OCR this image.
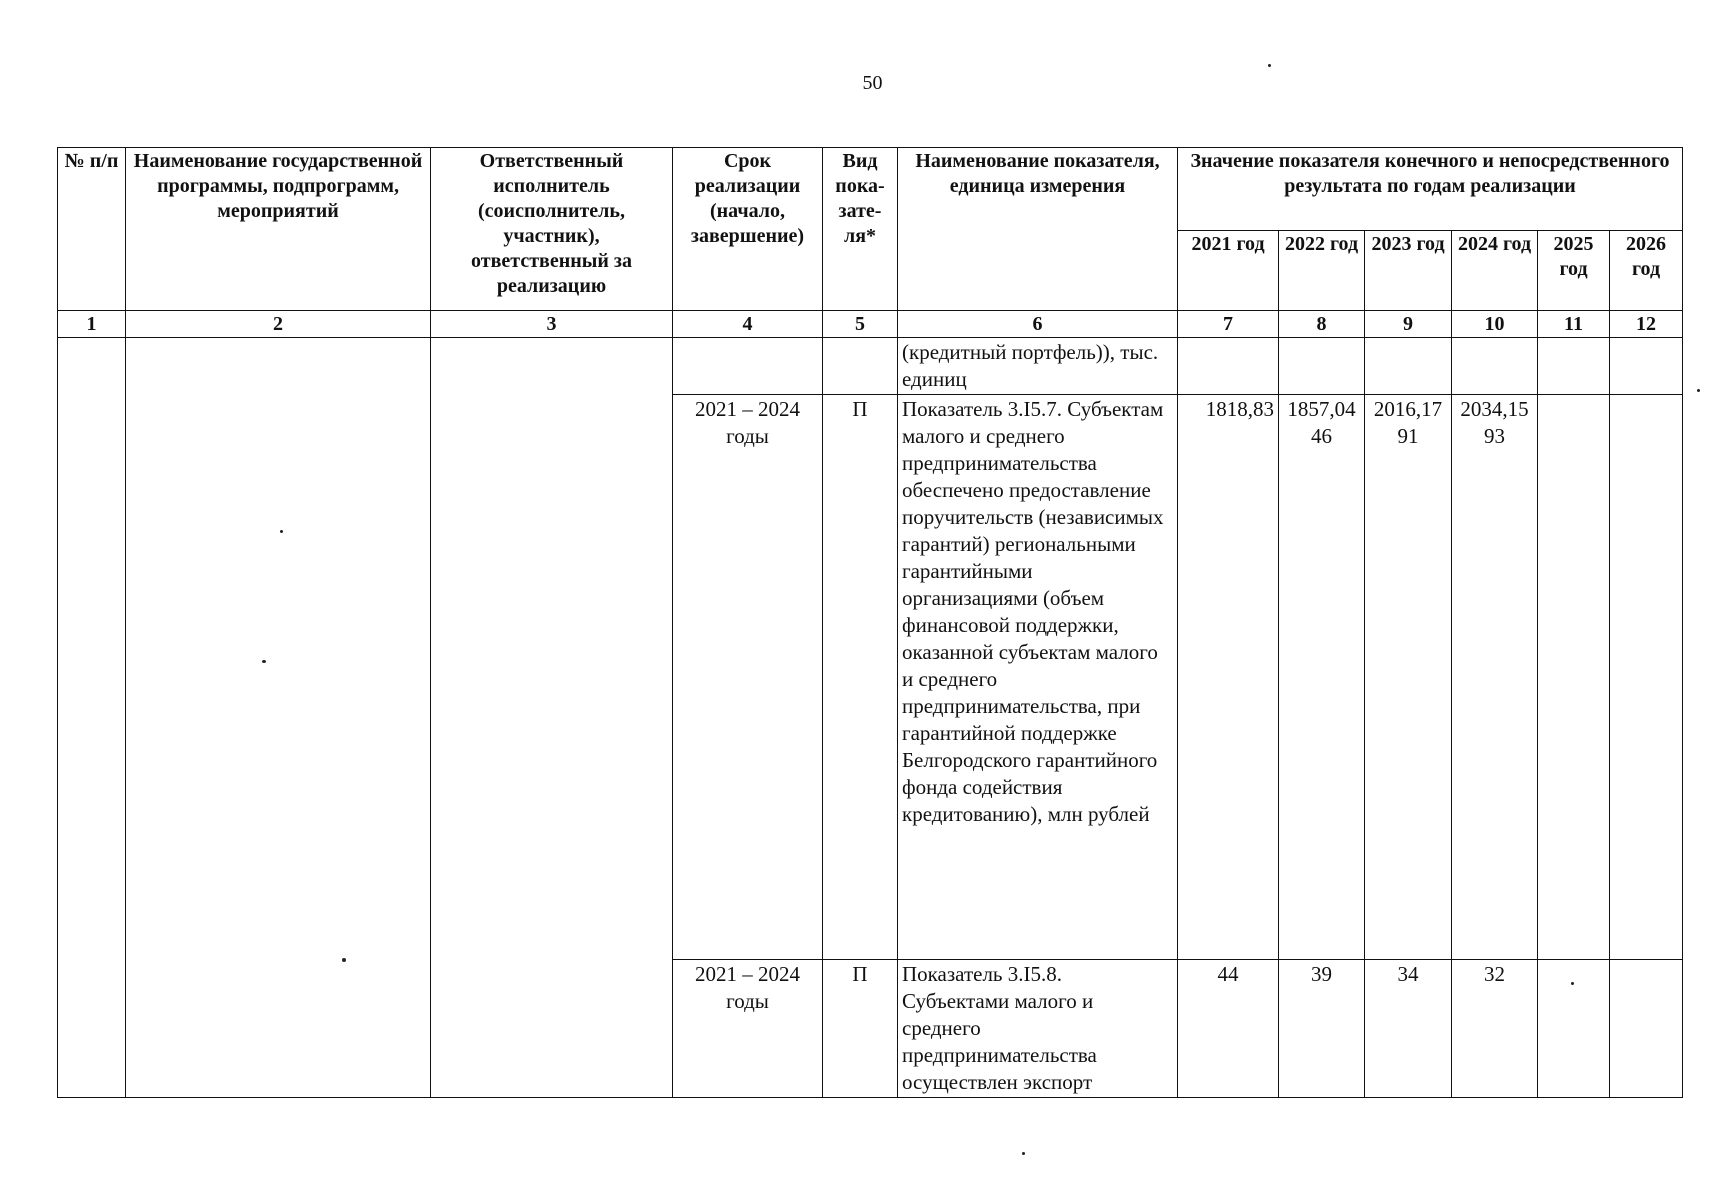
50
№ п/п	Наименование государственной программы, подпрограмм, мероприятий	Ответственный исполнитель (соисполнитель, участник), ответственный за реализацию	Срок реализации (начало, завершение)	Вид пока-зате-ля*	Наименование показателя, единица измерения	Значение показателя конечного и непосредственного результата по годам реализации					
						2021 год	2022 год	2023 год	2024 год	2025 год	2026 год
1	2	3	4	5	6	7	8	9	10	11	12
					(кредитный портфель)), тыс. единиц						
			2021 – 2024 годы	П	Показатель 3.I5.7. Субъектам малого и среднего предпринимательства обеспечено предоставление поручительств (независимых гарантий) региональными гарантийными организациями (объем финансовой поддержки, оказанной субъектам малого и среднего предпринимательства, при гарантийной поддержке Белгородского гарантийного фонда содействия кредитованию), млн рублей	1818,83	1857,0446	2016,1791	2034,1593		
			2021 – 2024 годы	П	Показатель 3.I5.8. Субъектами малого и среднего предпринимательства осуществлен экспорт	44	39	34	32		
